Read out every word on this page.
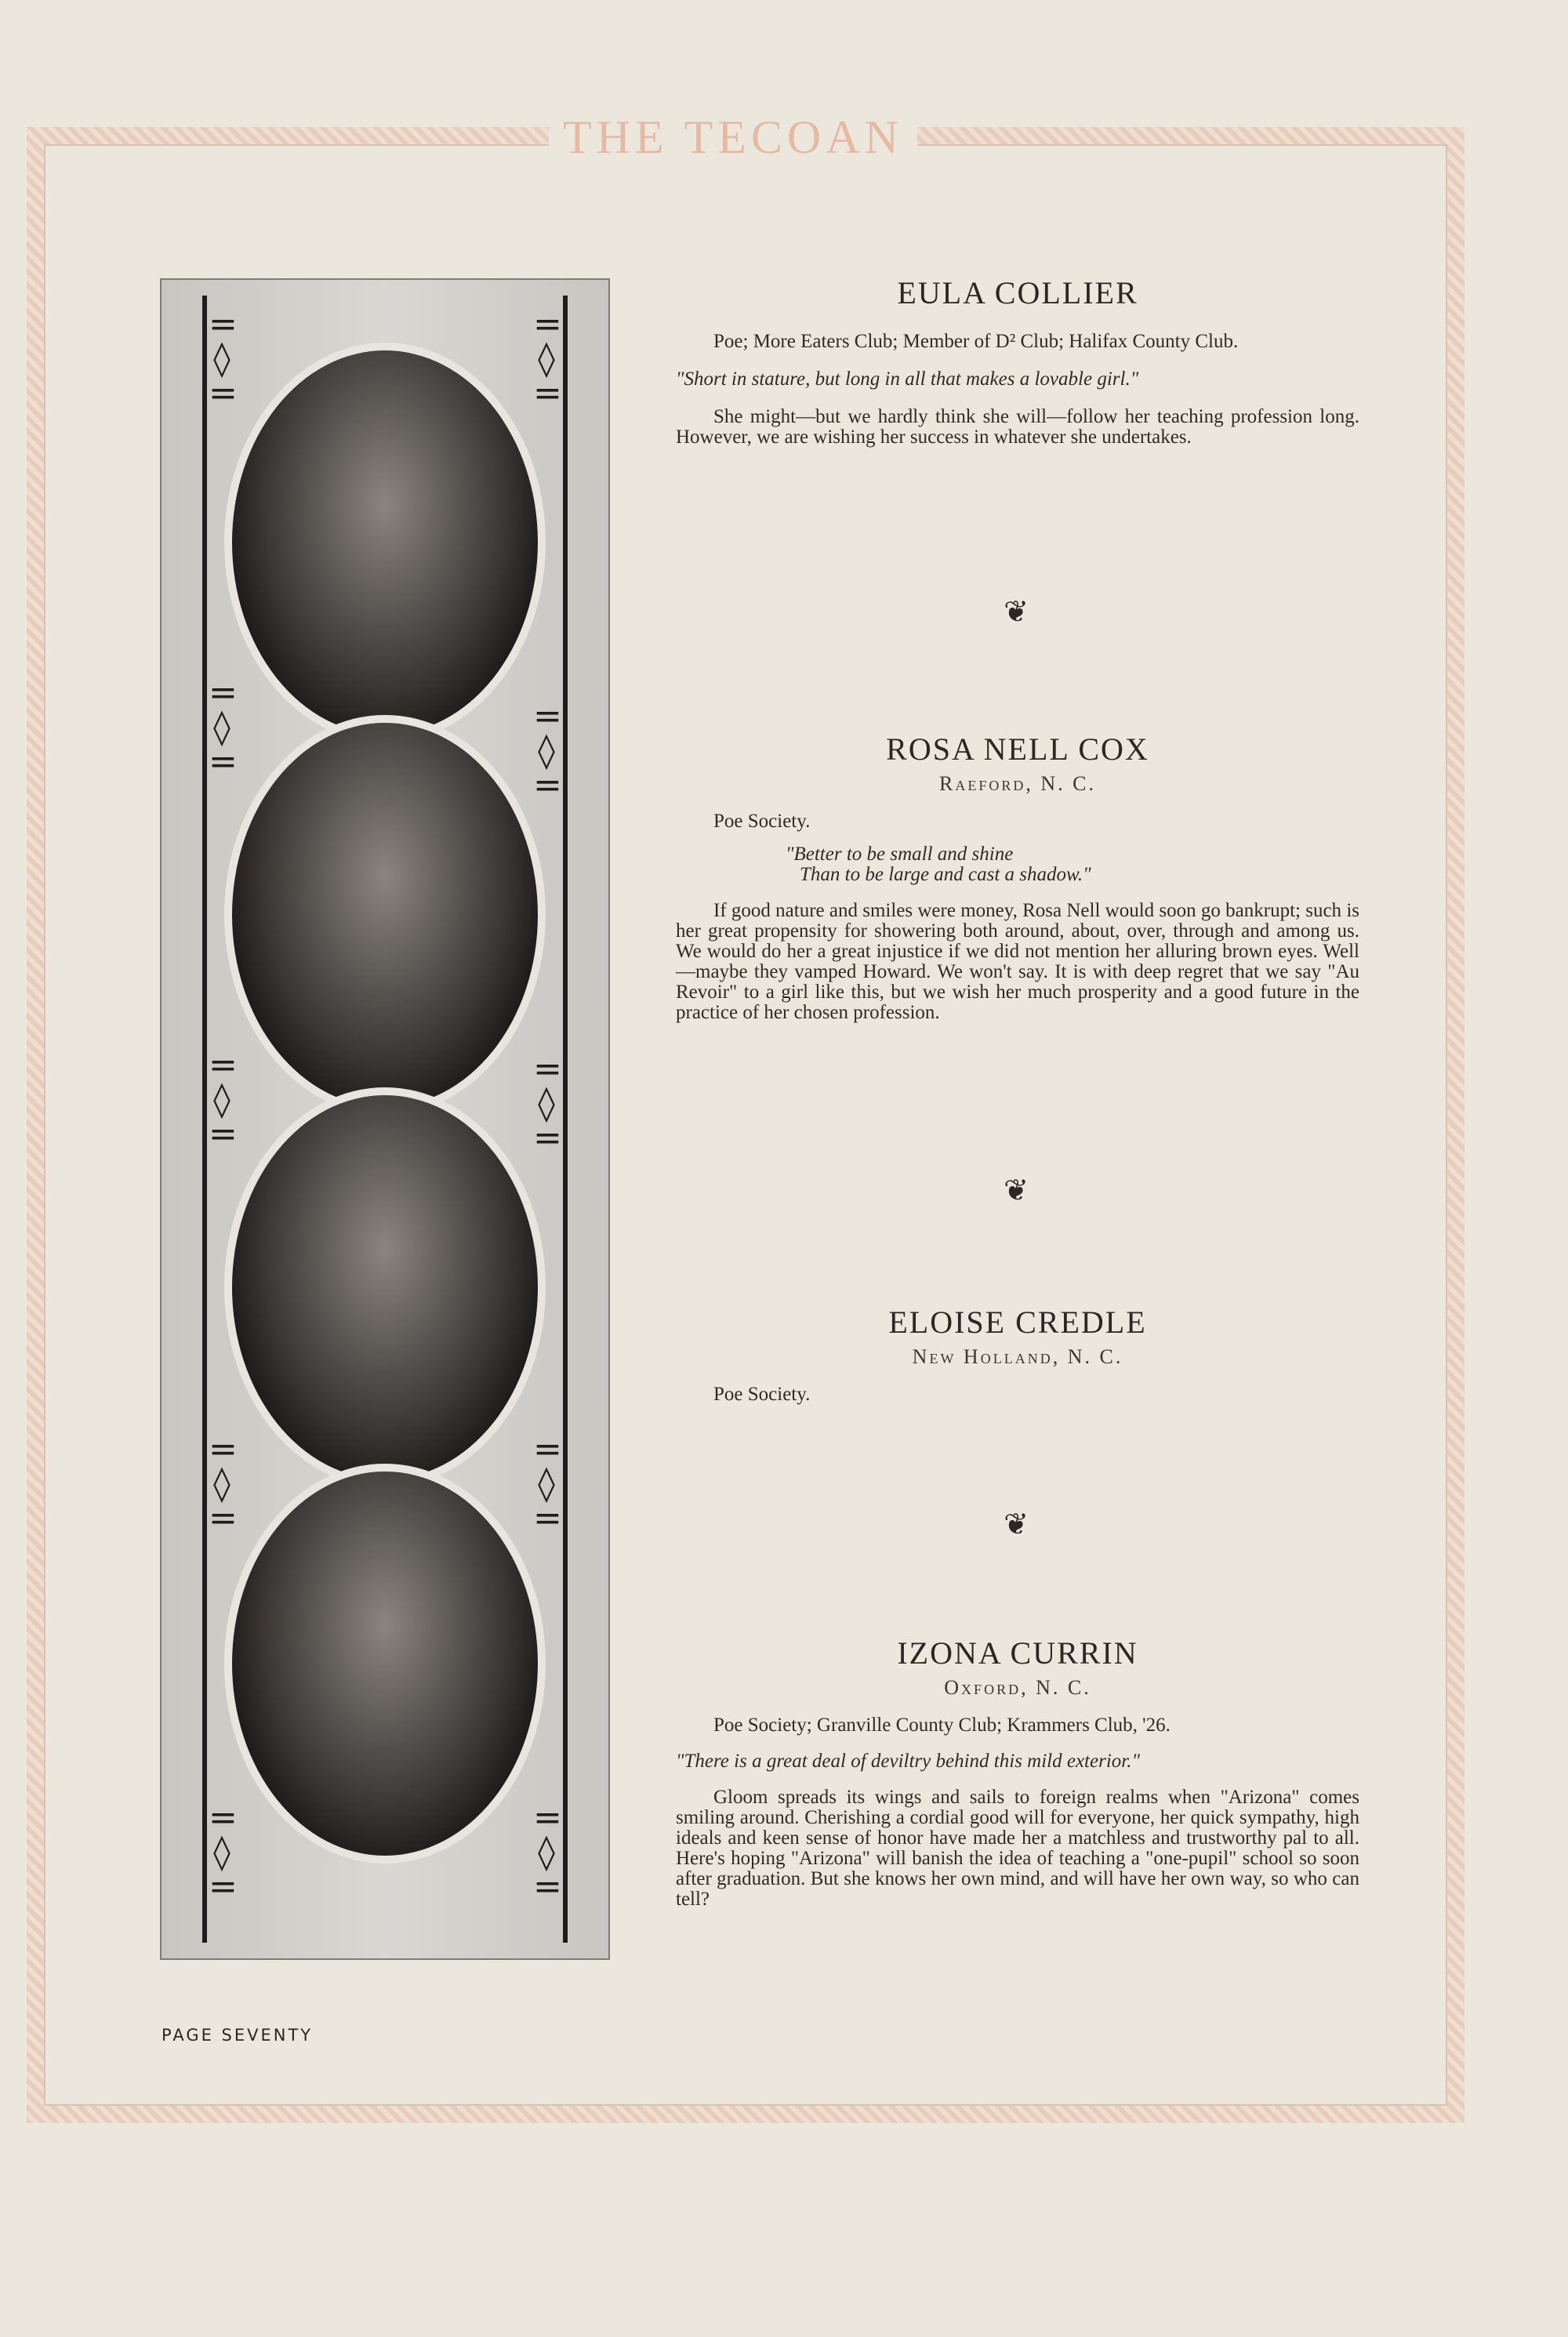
THE TECOAN
=
◊
=
=
◊
=
=
◊
=
=
◊
=
=
◊
=
=
◊
=
=
◊
=
=
◊
=
=
◊
=
=
◊
=
EULA COLLIER
Poe; More Eaters Club; Member of D² Club; Halifax County Club.
"Short in stature, but long in all that makes a lovable girl."
She might—but we hardly think she will—follow her teaching profession long. However, we are wishing her success in whatever she undertakes.
❦
ROSA NELL COX
Raeford, N. C.
Poe Society.
"Better to be small and shine
Than to be large and cast a shadow."
If good nature and smiles were money, Rosa Nell would soon go bankrupt; such is her great propensity for showering both around, about, over, through and among us. We would do her a great injustice if we did not mention her alluring brown eyes. Well—maybe they vamped Howard. We won't say. It is with deep regret that we say "Au Revoir" to a girl like this, but we wish her much prosperity and a good future in the practice of her chosen profession.
❦
ELOISE CREDLE
New Holland, N. C.
Poe Society.
❦
IZONA CURRIN
Oxford, N. C.
Poe Society; Granville County Club; Krammers Club, '26.
"There is a great deal of deviltry behind this mild exterior."
Gloom spreads its wings and sails to foreign realms when "Arizona" comes smiling around. Cherishing a cordial good will for everyone, her quick sympathy, high ideals and keen sense of honor have made her a matchless and trustworthy pal to all. Here's hoping "Arizona" will banish the idea of teaching a "one-pupil" school so soon after graduation. But she knows her own mind, and will have her own way, so who can tell?
PAGE SEVENTY
